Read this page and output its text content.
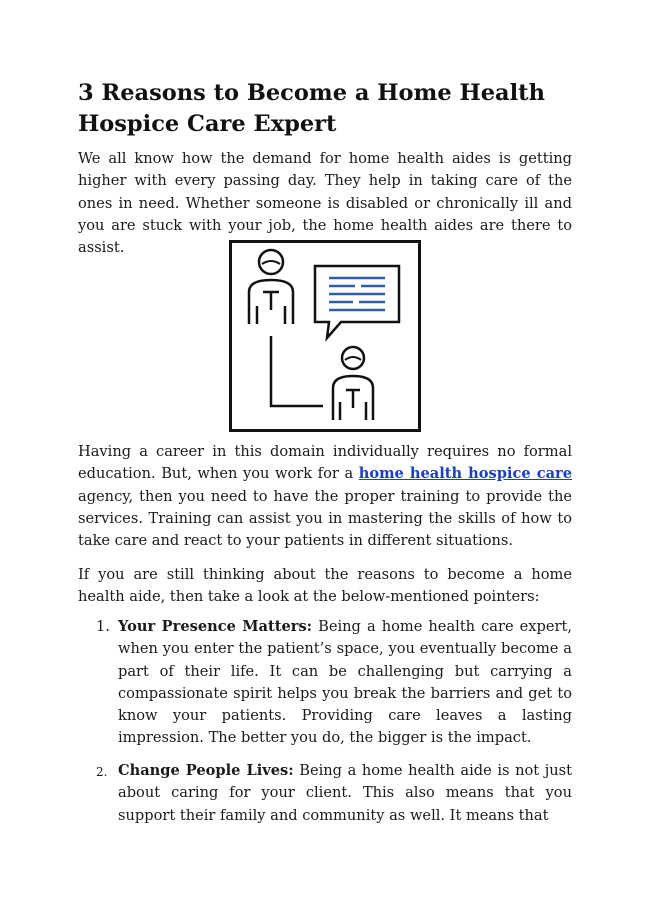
3 Reasons to Become a Home Health Hospice Care Expert

We all know how the demand for home health aides is getting higher with every passing day. They help in taking care of the ones in need. Whether someone is disabled or chronically ill and you are stuck with your job, the home health aides are there to assist.

Having a career in this domain individually requires no formal education. But, when you work for a home health hospice care agency, then you need to have the proper training to provide the services. Training can assist you in mastering the skills of how to take care and react to your patients in different situations.

If you are still thinking about the reasons to become a home health aide, then take a look at the below-mentioned pointers:

1. Your Presence Matters: Being a home health care expert, when you enter the patient’s space, you eventually become a part of their life. It can be challenging but carrying a compassionate spirit helps you break the barriers and get to know your patients. Providing care leaves a lasting impression. The better you do, the bigger is the impact.

2. Change People Lives: Being a home health aide is not just about caring for your client. This also means that you support their family and community as well. It means that
